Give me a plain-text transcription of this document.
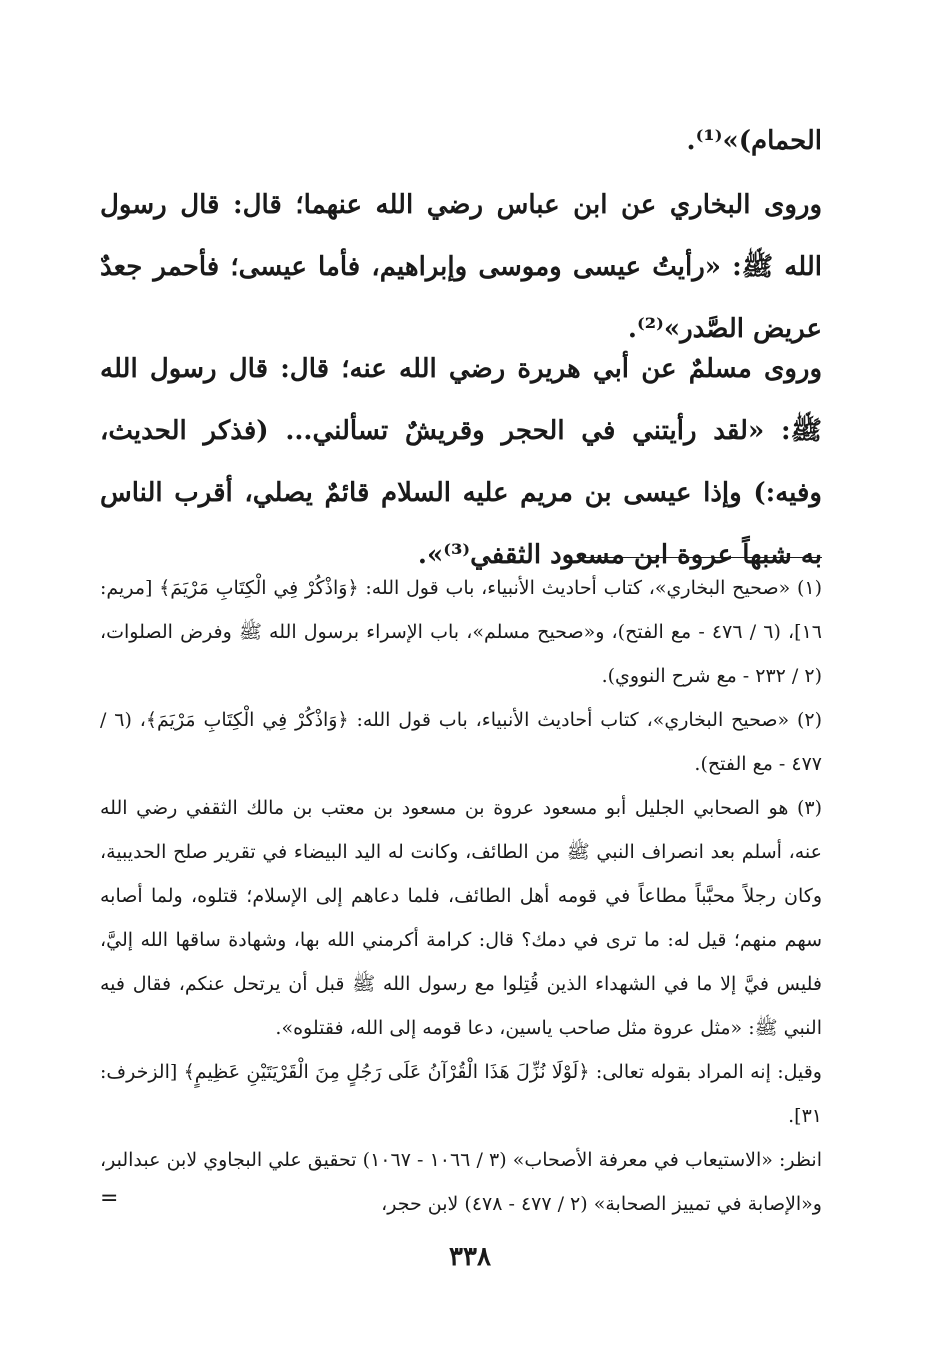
الحمام)»⁽¹⁾.

وروى البخاري عن ابن عباس رضي الله عنهما؛ قال: قال رسول الله ﷺ: «رأيتُ عيسى وموسى وإبراهيم، فأما عيسى؛ فأحمر جعدٌ عريض الصَّدر»⁽²⁾.

وروى مسلمٌ عن أبي هريرة رضي الله عنه؛ قال: قال رسول الله ﷺ: «لقد رأيتني في الحجر وقريشٌ تسألني... (فذكر الحديث، وفيه:) وإذا عيسى بن مريم عليه السلام قائمٌ يصلي، أقرب الناس به شبهاً عروة ابن مسعود الثقفي⁽³⁾».

(١) «صحيح البخاري»، كتاب أحاديث الأنبياء، باب قول الله: ﴿وَاذْكُرْ فِي الْكِتَابِ مَرْيَمَ﴾ [مريم: ١٦]، (٦ / ٤٧٦ - مع الفتح)، و«صحيح مسلم»، باب الإسراء برسول الله ﷺ وفرض الصلوات، (٢ / ٢٣٢ - مع شرح النووي).

(٢) «صحيح البخاري»، كتاب أحاديث الأنبياء، باب قول الله: ﴿وَاذْكُرْ فِي الْكِتَابِ مَرْيَمَ﴾، (٦ / ٤٧٧ - مع الفتح).

(٣) هو الصحابي الجليل أبو مسعود عروة بن مسعود بن معتب بن مالك الثقفي رضي الله عنه، أسلم بعد انصراف النبي ﷺ من الطائف، وكانت له اليد البيضاء في تقرير صلح الحديبية، وكان رجلاً محبَّباً مطاعاً في قومه أهل الطائف، فلما دعاهم إلى الإسلام؛ قتلوه، ولما أصابه سهم منهم؛ قيل له: ما ترى في دمك؟ قال: كرامة أكرمني الله بها، وشهادة ساقها الله إليَّ، فليس فيَّ إلا ما في الشهداء الذين قُتِلوا مع رسول الله ﷺ قبل أن يرتحل عنكم، فقال فيه النبي ﷺ: «مثل عروة مثل صاحب ياسين، دعا قومه إلى الله، فقتلوه».

وقيل: إنه المراد بقوله تعالى: ﴿لَوْلَا نُزِّلَ هَذَا الْقُرْآنُ عَلَى رَجُلٍ مِنَ الْقَرْيَتَيْنِ عَظِيمٍ﴾ [الزخرف: ٣١].

انظر: «الاستيعاب في معرفة الأصحاب» (٣ / ١٠٦٦ - ١٠٦٧) تحقيق علي البجاوي لابن عبدالبر، و«الإصابة في تمييز الصحابة» (٢ / ٤٧٧ - ٤٧٨) لابن حجر،

=
٣٣٨
